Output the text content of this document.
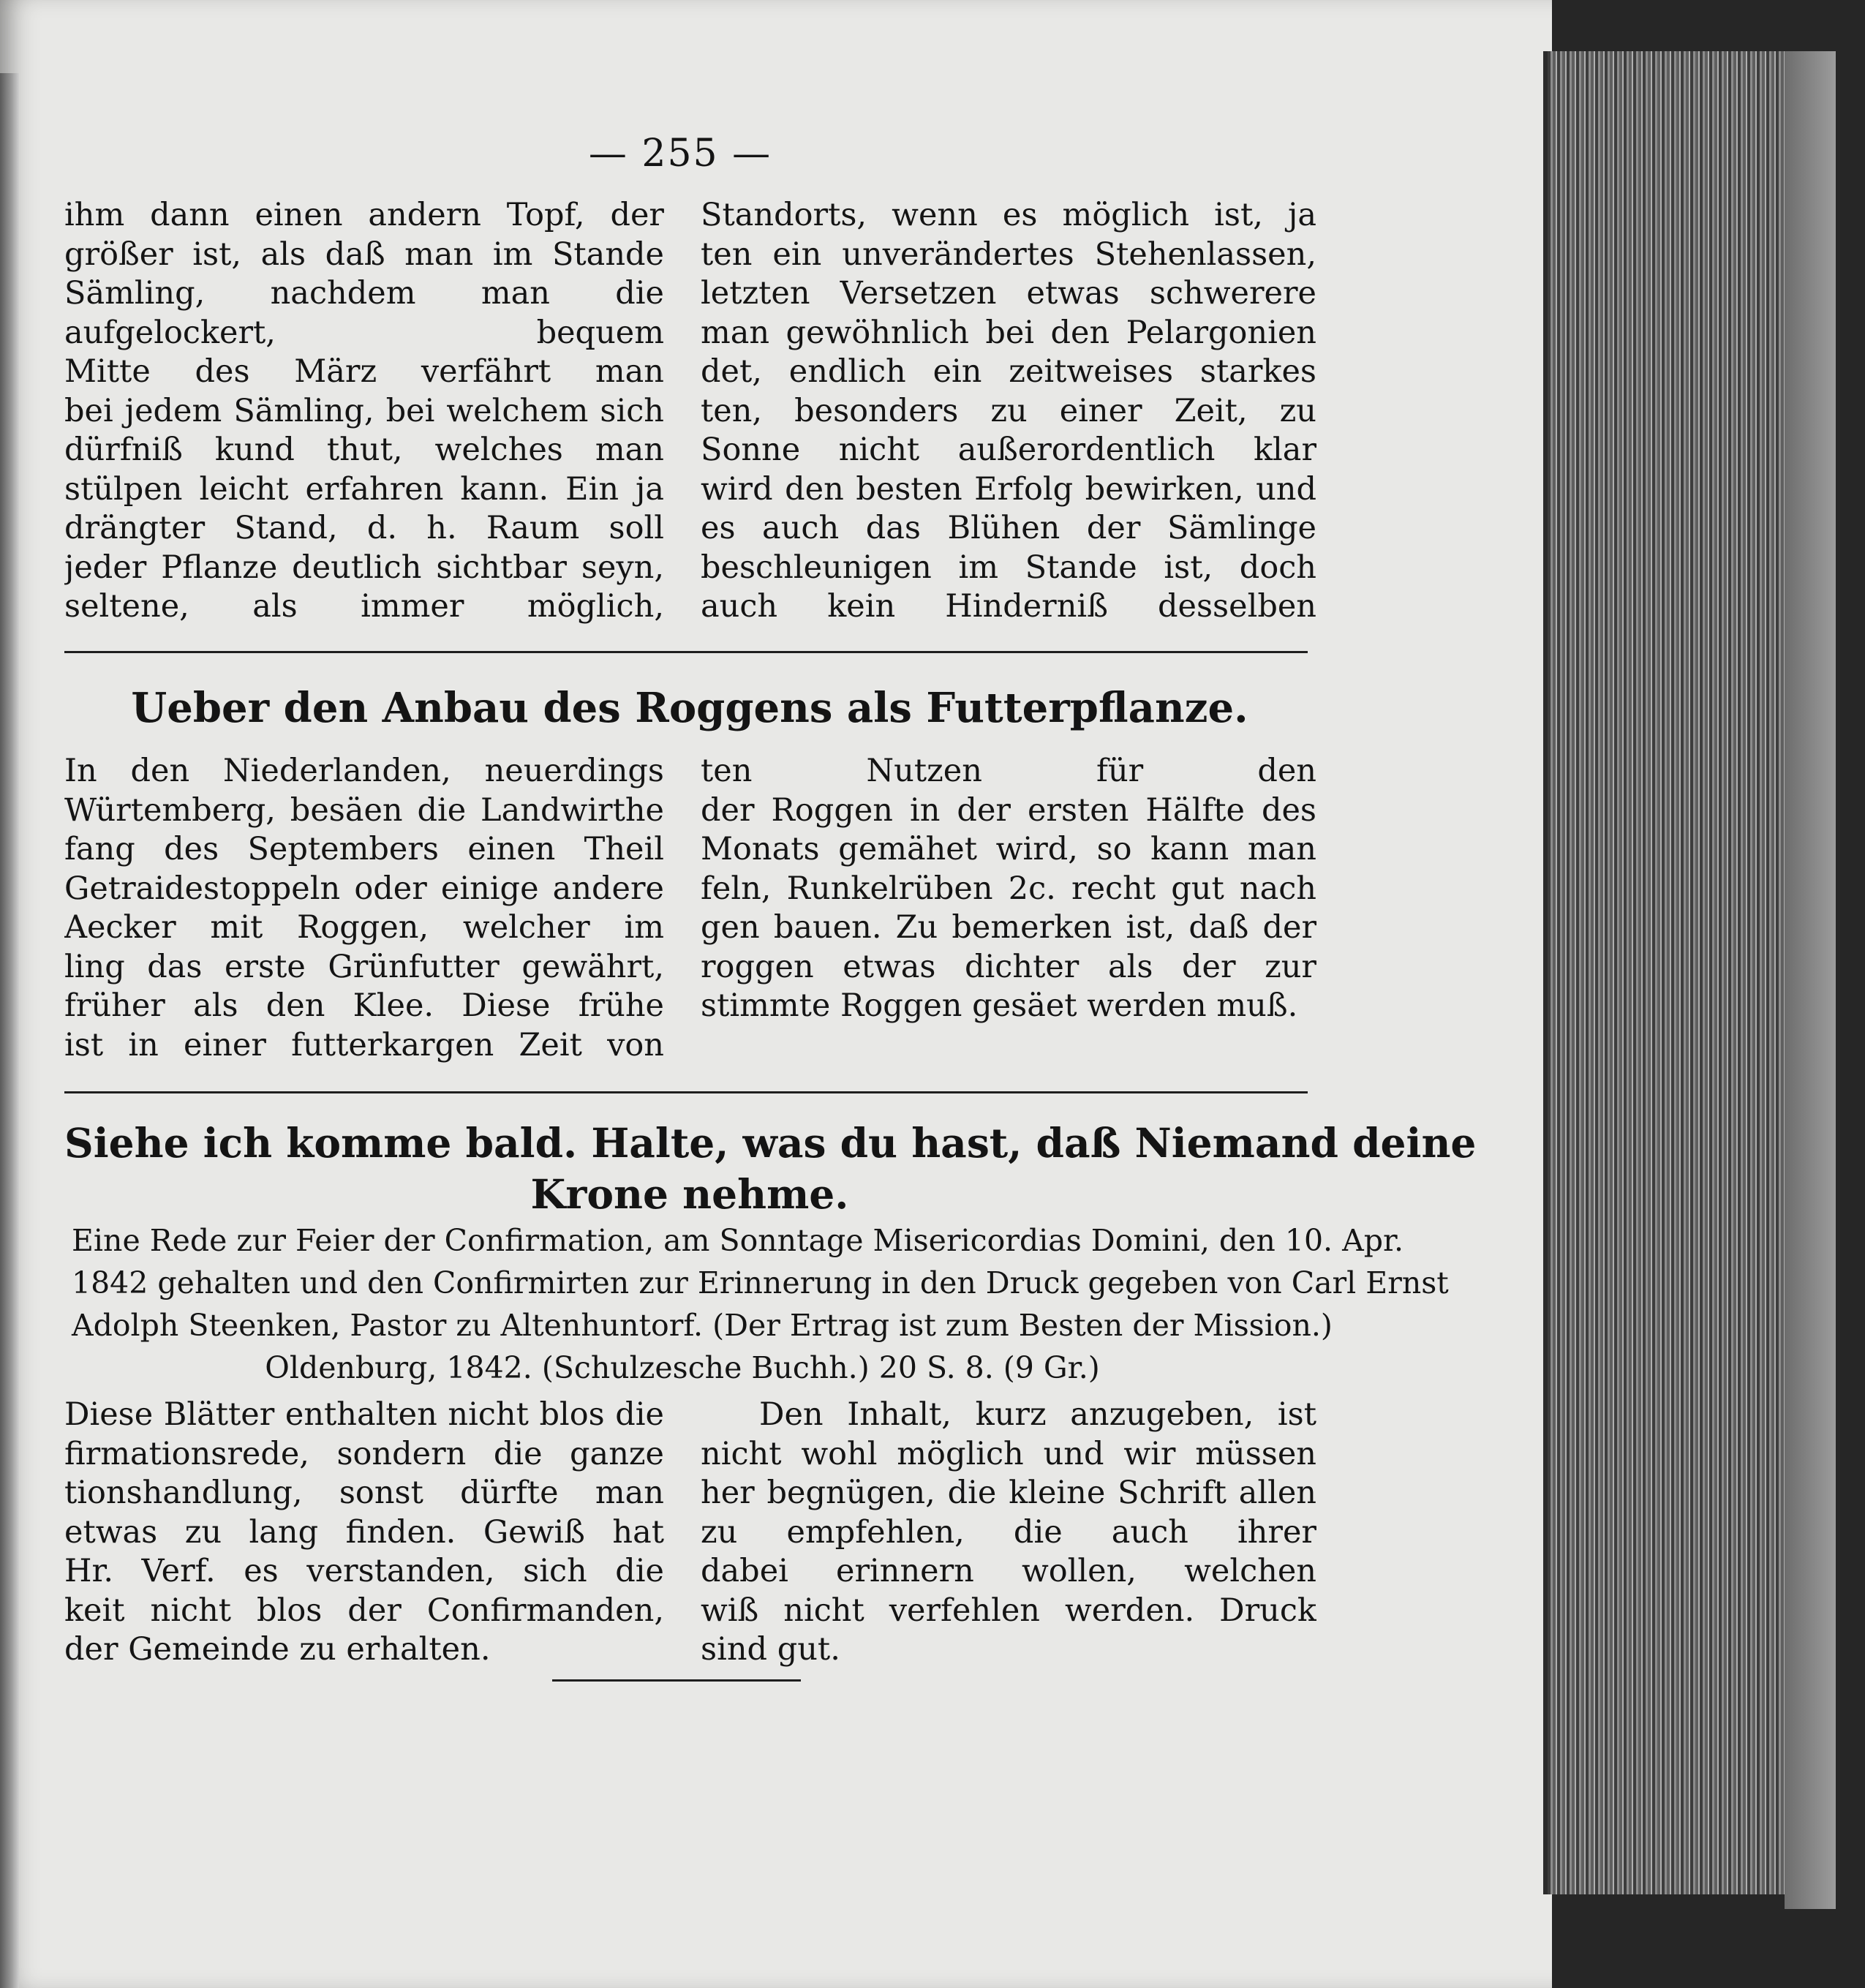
— 255 —
ihm dann einen andern Topf, der
größer ist, als daß man im Stande
Sämling, nachdem man die
aufgelockert, bequem
Mitte des März verfährt man
bei jedem Sämling, bei welchem sich
dürfniß kund thut, welches man
stülpen leicht erfahren kann. Ein ja
drängter Stand, d. h. Raum soll
jeder Pflanze deutlich sichtbar seyn,
seltene, als immer möglich,
Standorts, wenn es möglich ist, ja
ten ein unverändertes Stehenlassen,
letzten Versetzen etwas schwerere
man gewöhnlich bei den Pelargonien
det, endlich ein zeitweises starkes
ten, besonders zu einer Zeit, zu
Sonne nicht außerordentlich klar
wird den besten Erfolg bewirken, und
es auch das Blühen der Sämlinge
beschleunigen im Stande ist, doch
auch kein Hinderniß desselben
Ueber den Anbau des Roggens als Futterpflanze.
In den Niederlanden, neuerdings
Würtemberg, besäen die Landwirthe
fang des Septembers einen Theil
Getraidestoppeln oder einige andere
Aecker mit Roggen, welcher im
ling das erste Grünfutter gewährt,
früher als den Klee. Diese frühe
ist in einer futterkargen Zeit von
ten Nutzen für den
der Roggen in der ersten Hälfte des
Monats gemähet wird, so kann man
feln, Runkelrüben 2c. recht gut nach
gen bauen. Zu bemerken ist, daß der
roggen etwas dichter als der zur
stimmte Roggen gesäet werden muß.
Siehe ich komme bald. Halte, was du hast, daß Niemand deine
Krone nehme.
Diese Blätter enthalten nicht blos die
firmationsrede, sondern die ganze
tionshandlung, sonst dürfte man
etwas zu lang finden. Gewiß hat
Hr. Verf. es verstanden, sich die
keit nicht blos der Confirmanden,
der Gemeinde zu erhalten.
Den Inhalt, kurz anzugeben, ist
nicht wohl möglich und wir müssen
her begnügen, die kleine Schrift allen
zu empfehlen, die auch ihrer
dabei erinnern wollen, welchen
wiß nicht verfehlen werden. Druck
sind gut.
Eine Rede zur Feier der Confirmation, am Sonntage Misericordias Domini, den 10. Apr.
1842 gehalten und den Confirmirten zur Erinnerung in den Druck gegeben von Carl Ernst
Adolph Steenken, Pastor zu Altenhuntorf. (Der Ertrag ist zum Besten der Mission.)
Oldenburg, 1842. (Schulzesche Buchh.) 20 S. 8. (9 Gr.)
